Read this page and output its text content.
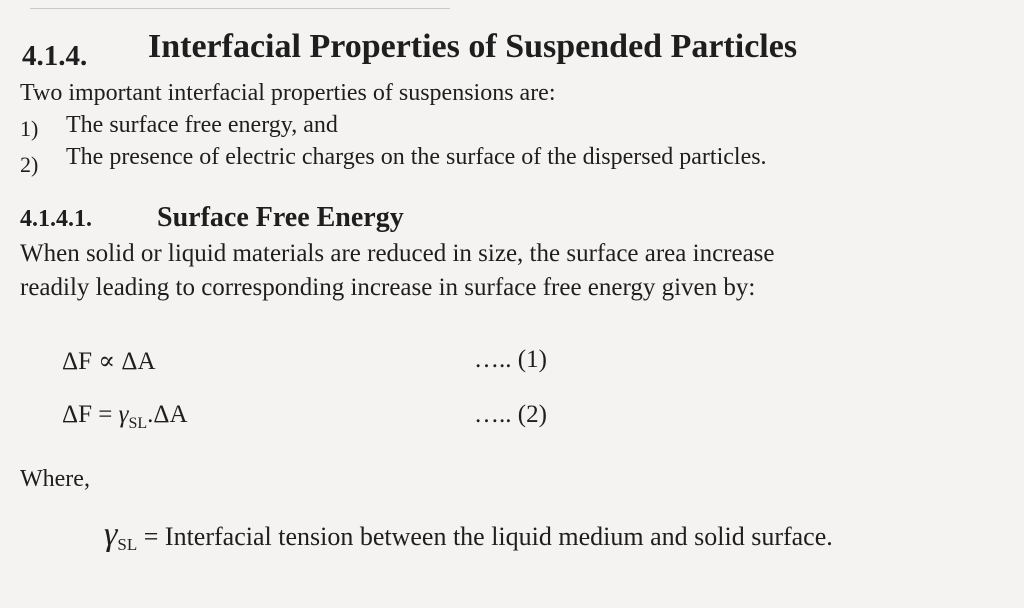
4.1.4. Interfacial Properties of Suspended Particles
Two important interfacial properties of suspensions are:
1) The surface free energy, and
2) The presence of electric charges on the surface of the dispersed particles.
4.1.4.1. Surface Free Energy
When solid or liquid materials are reduced in size, the surface area increase
readily leading to corresponding increase in surface free energy given by:
ΔF ∝ ΔA	….. (1)
$\Delta F = \gamma_{SL}.\Delta A$	….. (2)
Where,
$\gamma_{SL}$ = Interfacial tension between the liquid medium and solid surface.
